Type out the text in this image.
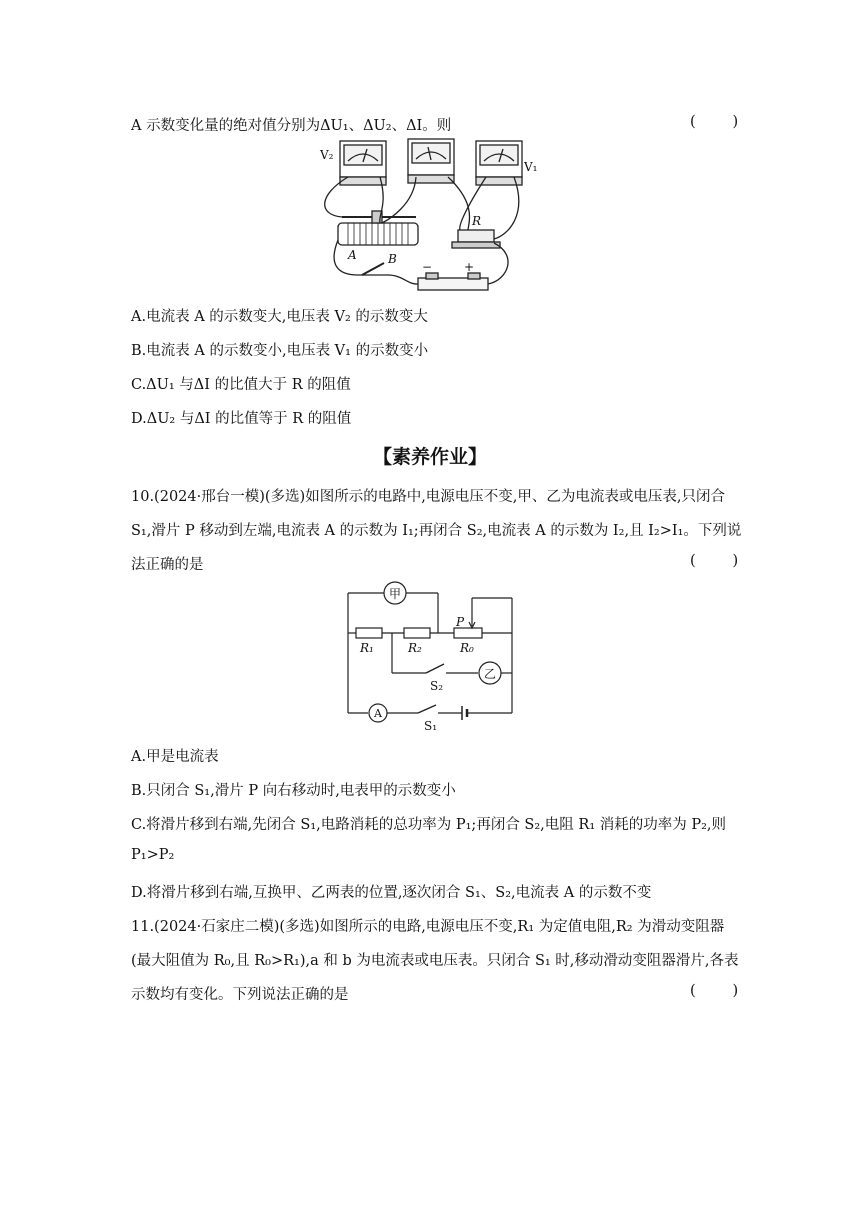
A 示数变化量的绝对值分别为ΔU₁、ΔU₂、ΔI。则	(        )
V₂
V₁
A	B
R
−	+
A.电流表 A 的示数变大,电压表 V₂ 的示数变大
B.电流表 A 的示数变小,电压表 V₁ 的示数变小
C.ΔU₁ 与ΔI 的比值大于 R 的阻值
D.ΔU₂ 与ΔI 的比值等于 R 的阻值
【素养作业】
10.(2024·邢台一模)(多选)如图所示的电路中,电源电压不变,甲、乙为电流表或电压表,只闭合
S₁,滑片 P 移动到左端,电流表 A 的示数为 I₁;再闭合 S₂,电流表 A 的示数为 I₂,且 I₂>I₁。下列说
法正确的是	(        )
甲
乙
A
P
R₁	R₂	R₀
S₂
S₁
A.甲是电流表
B.只闭合 S₁,滑片 P 向右移动时,电表甲的示数变小
C.将滑片移到右端,先闭合 S₁,电路消耗的总功率为 P₁;再闭合 S₂,电阻 R₁ 消耗的功率为 P₂,则
P₁>P₂
D.将滑片移到右端,互换甲、乙两表的位置,逐次闭合 S₁、S₂,电流表 A 的示数不变
11.(2024·石家庄二模)(多选)如图所示的电路,电源电压不变,R₁ 为定值电阻,R₂ 为滑动变阻器
(最大阻值为 R₀,且 R₀>R₁),a 和 b 为电流表或电压表。只闭合 S₁ 时,移动滑动变阻器滑片,各表
示数均有变化。下列说法正确的是	(        )
